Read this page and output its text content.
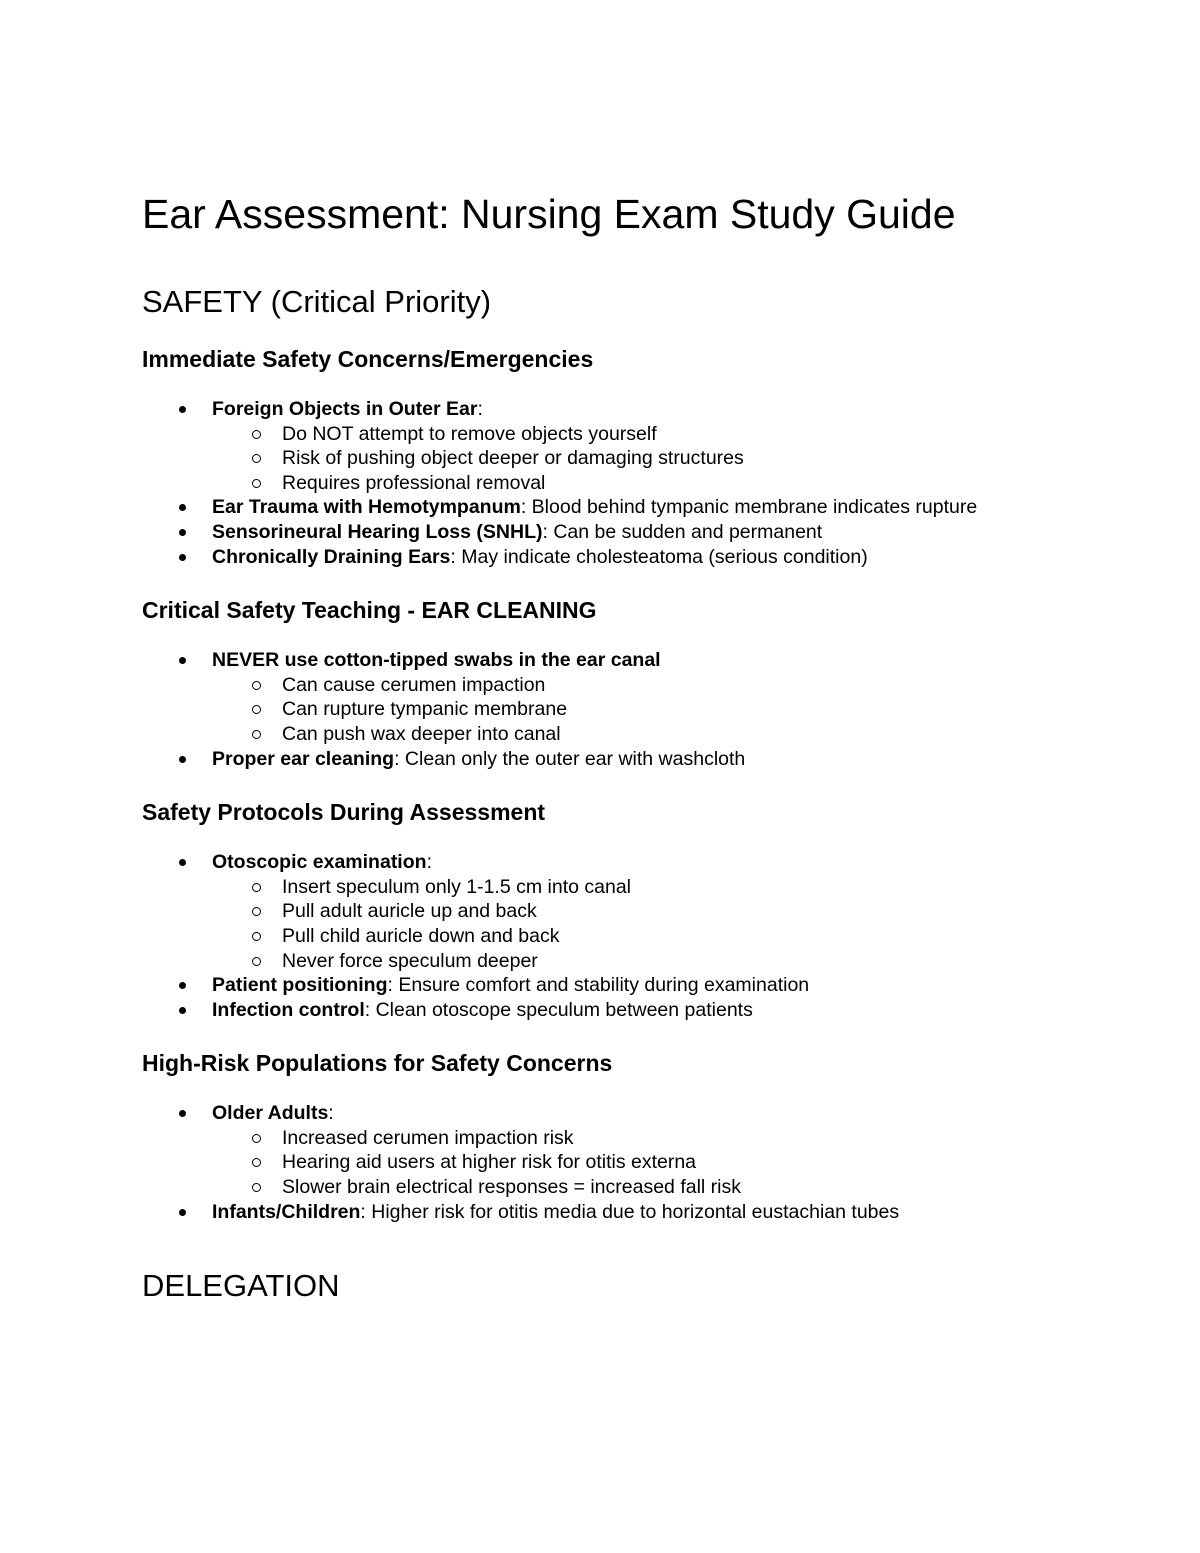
Ear Assessment: Nursing Exam Study Guide
SAFETY (Critical Priority)
Immediate Safety Concerns/Emergencies
Foreign Objects in Outer Ear:
Do NOT attempt to remove objects yourself
Risk of pushing object deeper or damaging structures
Requires professional removal
Ear Trauma with Hemotympanum: Blood behind tympanic membrane indicates rupture
Sensorineural Hearing Loss (SNHL): Can be sudden and permanent
Chronically Draining Ears: May indicate cholesteatoma (serious condition)
Critical Safety Teaching - EAR CLEANING
NEVER use cotton-tipped swabs in the ear canal
Can cause cerumen impaction
Can rupture tympanic membrane
Can push wax deeper into canal
Proper ear cleaning: Clean only the outer ear with washcloth
Safety Protocols During Assessment
Otoscopic examination:
Insert speculum only 1-1.5 cm into canal
Pull adult auricle up and back
Pull child auricle down and back
Never force speculum deeper
Patient positioning: Ensure comfort and stability during examination
Infection control: Clean otoscope speculum between patients
High-Risk Populations for Safety Concerns
Older Adults:
Increased cerumen impaction risk
Hearing aid users at higher risk for otitis externa
Slower brain electrical responses = increased fall risk
Infants/Children: Higher risk for otitis media due to horizontal eustachian tubes
DELEGATION
